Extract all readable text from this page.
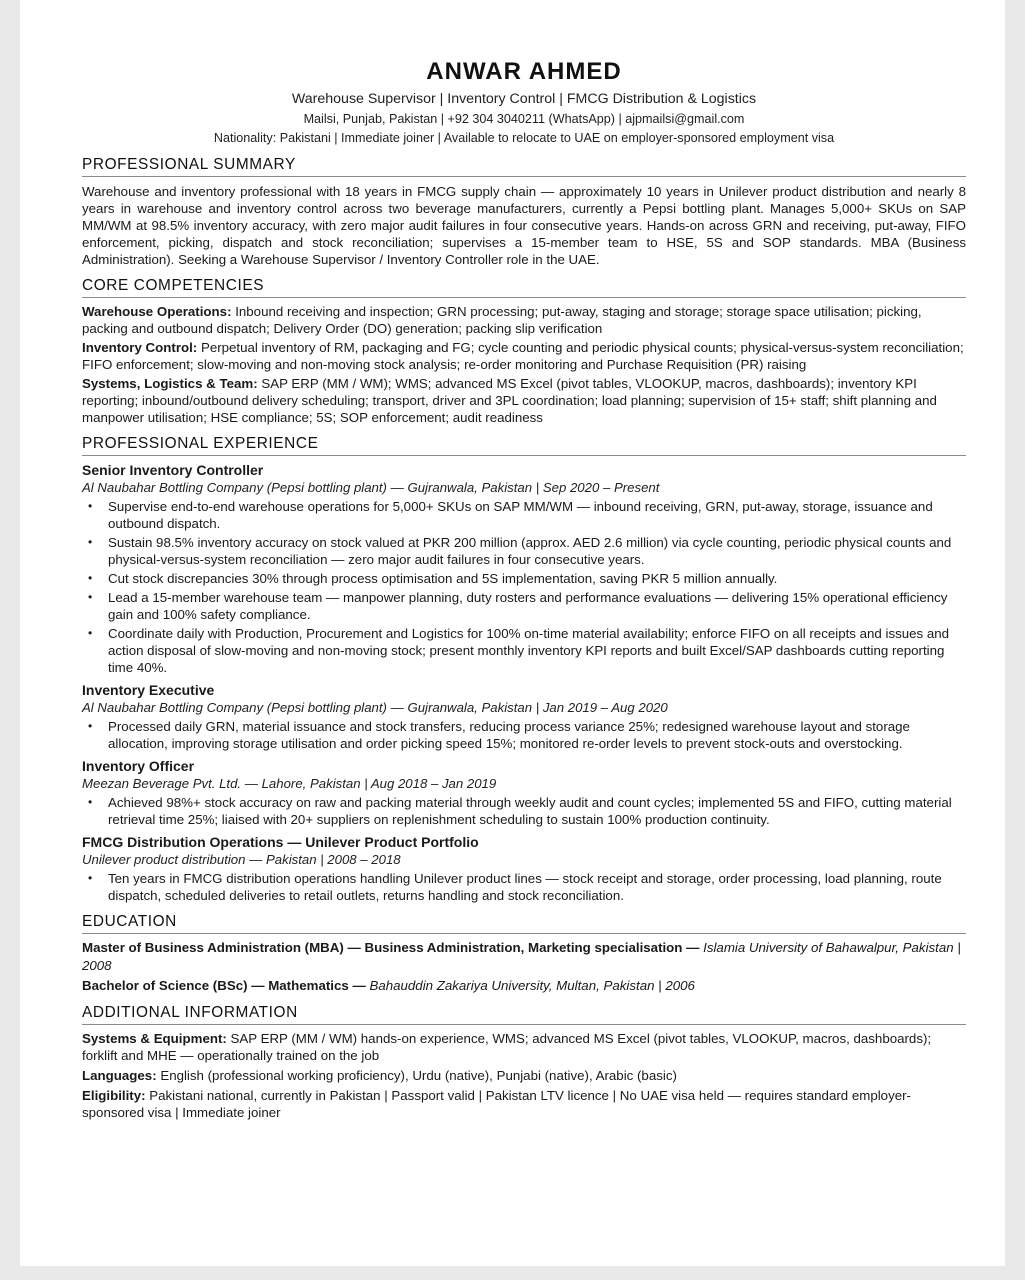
ANWAR AHMED
Warehouse Supervisor | Inventory Control | FMCG Distribution & Logistics
Mailsi, Punjab, Pakistan | +92 304 3040211 (WhatsApp) | ajpmailsi@gmail.com
Nationality: Pakistani | Immediate joiner | Available to relocate to UAE on employer-sponsored employment visa
PROFESSIONAL SUMMARY
Warehouse and inventory professional with 18 years in FMCG supply chain — approximately 10 years in Unilever product distribution and nearly 8 years in warehouse and inventory control across two beverage manufacturers, currently a Pepsi bottling plant. Manages 5,000+ SKUs on SAP MM/WM at 98.5% inventory accuracy, with zero major audit failures in four consecutive years. Hands-on across GRN and receiving, put-away, FIFO enforcement, picking, dispatch and stock reconciliation; supervises a 15-member team to HSE, 5S and SOP standards. MBA (Business Administration). Seeking a Warehouse Supervisor / Inventory Controller role in the UAE.
CORE COMPETENCIES
Warehouse Operations: Inbound receiving and inspection; GRN processing; put-away, staging and storage; storage space utilisation; picking, packing and outbound dispatch; Delivery Order (DO) generation; packing slip verification
Inventory Control: Perpetual inventory of RM, packaging and FG; cycle counting and periodic physical counts; physical-versus-system reconciliation; FIFO enforcement; slow-moving and non-moving stock analysis; re-order monitoring and Purchase Requisition (PR) raising
Systems, Logistics & Team: SAP ERP (MM / WM); WMS; advanced MS Excel (pivot tables, VLOOKUP, macros, dashboards); inventory KPI reporting; inbound/outbound delivery scheduling; transport, driver and 3PL coordination; load planning; supervision of 15+ staff; shift planning and manpower utilisation; HSE compliance; 5S; SOP enforcement; audit readiness
PROFESSIONAL EXPERIENCE
Senior Inventory Controller
Al Naubahar Bottling Company (Pepsi bottling plant) — Gujranwala, Pakistan | Sep 2020 – Present
• Supervise end-to-end warehouse operations for 5,000+ SKUs on SAP MM/WM — inbound receiving, GRN, put-away, storage, issuance and outbound dispatch.
• Sustain 98.5% inventory accuracy on stock valued at PKR 200 million (approx. AED 2.6 million) via cycle counting, periodic physical counts and physical-versus-system reconciliation — zero major audit failures in four consecutive years.
• Cut stock discrepancies 30% through process optimisation and 5S implementation, saving PKR 5 million annually.
• Lead a 15-member warehouse team — manpower planning, duty rosters and performance evaluations — delivering 15% operational efficiency gain and 100% safety compliance.
• Coordinate daily with Production, Procurement and Logistics for 100% on-time material availability; enforce FIFO on all receipts and issues and action disposal of slow-moving and non-moving stock; present monthly inventory KPI reports and built Excel/SAP dashboards cutting reporting time 40%.
Inventory Executive
Al Naubahar Bottling Company (Pepsi bottling plant) — Gujranwala, Pakistan | Jan 2019 – Aug 2020
• Processed daily GRN, material issuance and stock transfers, reducing process variance 25%; redesigned warehouse layout and storage allocation, improving storage utilisation and order picking speed 15%; monitored re-order levels to prevent stock-outs and overstocking.
Inventory Officer
Meezan Beverage Pvt. Ltd. — Lahore, Pakistan | Aug 2018 – Jan 2019
• Achieved 98%+ stock accuracy on raw and packing material through weekly audit and count cycles; implemented 5S and FIFO, cutting material retrieval time 25%; liaised with 20+ suppliers on replenishment scheduling to sustain 100% production continuity.
FMCG Distribution Operations — Unilever Product Portfolio
Unilever product distribution — Pakistan | 2008 – 2018
• Ten years in FMCG distribution operations handling Unilever product lines — stock receipt and storage, order processing, load planning, route dispatch, scheduled deliveries to retail outlets, returns handling and stock reconciliation.
EDUCATION
Master of Business Administration (MBA) — Business Administration, Marketing specialisation — Islamia University of Bahawalpur, Pakistan | 2008
Bachelor of Science (BSc) — Mathematics — Bahauddin Zakariya University, Multan, Pakistan | 2006
ADDITIONAL INFORMATION
Systems & Equipment: SAP ERP (MM / WM) hands-on experience, WMS; advanced MS Excel (pivot tables, VLOOKUP, macros, dashboards); forklift and MHE — operationally trained on the job
Languages: English (professional working proficiency), Urdu (native), Punjabi (native), Arabic (basic)
Eligibility: Pakistani national, currently in Pakistan | Passport valid | Pakistan LTV licence | No UAE visa held — requires standard employer-sponsored visa | Immediate joiner
